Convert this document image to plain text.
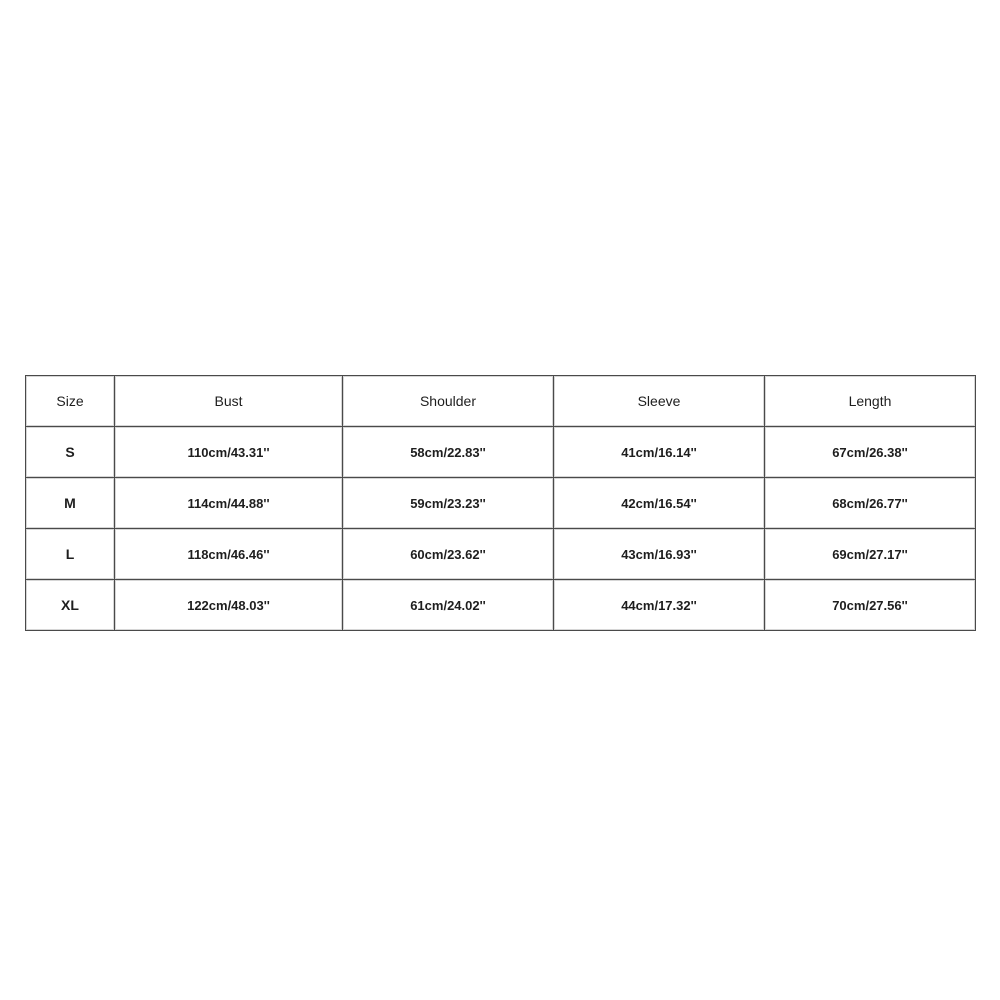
Size	Bust	Shoulder	Sleeve	Length
S	110cm/43.31''	58cm/22.83''	41cm/16.14''	67cm/26.38''
M	114cm/44.88''	59cm/23.23''	42cm/16.54''	68cm/26.77''
L	118cm/46.46''	60cm/23.62''	43cm/16.93''	69cm/27.17''
XL	122cm/48.03''	61cm/24.02''	44cm/17.32''	70cm/27.56''
